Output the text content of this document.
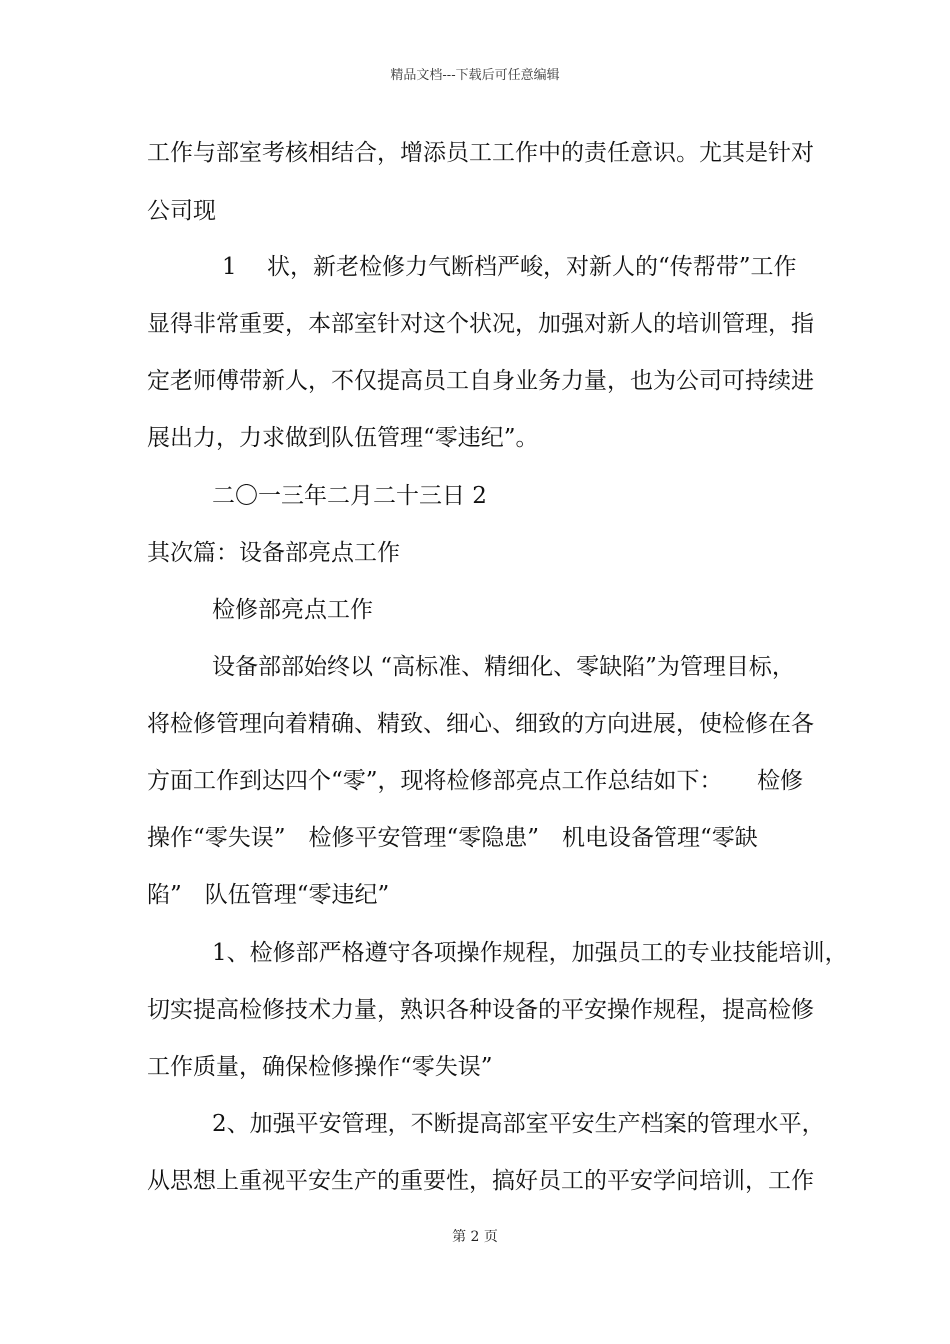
精品文档---下载后可任意编辑
工作与部室考核相结合，增添员工工作中的责任意识。尤其是针对
公司现
1　 状，新老检修力气断档严峻，对新人的“传帮带”工作
显得非常重要，本部室针对这个状况，加强对新人的培训管理，指
定老师傅带新人，不仅提高员工自身业务力量，也为公司可持续进
展出力，力求做到队伍管理“零违纪”。
二〇一三年二月二十三日 2
其次篇：设备部亮点工作
检修部亮点工作
设备部部始终以 “高标准、精细化、零缺陷”为管理目标，
将检修管理向着精确、精致、细心、细致的方向进展，使检修在各
方面工作到达四个“零”，现将检修部亮点工作总结如下：　　检修
操作“零失误”　检修平安管理“零隐患”　机电设备管理“零缺
陷”　队伍管理“零违纪”
1、检修部严格遵守各项操作规程，加强员工的专业技能培训，
切实提高检修技术力量，熟识各种设备的平安操作规程，提高检修
工作质量，确保检修操作“零失误”
2、加强平安管理，不断提高部室平安生产档案的管理水平，
从思想上重视平安生产的重要性，搞好员工的平安学问培训，工作
第 2 页
